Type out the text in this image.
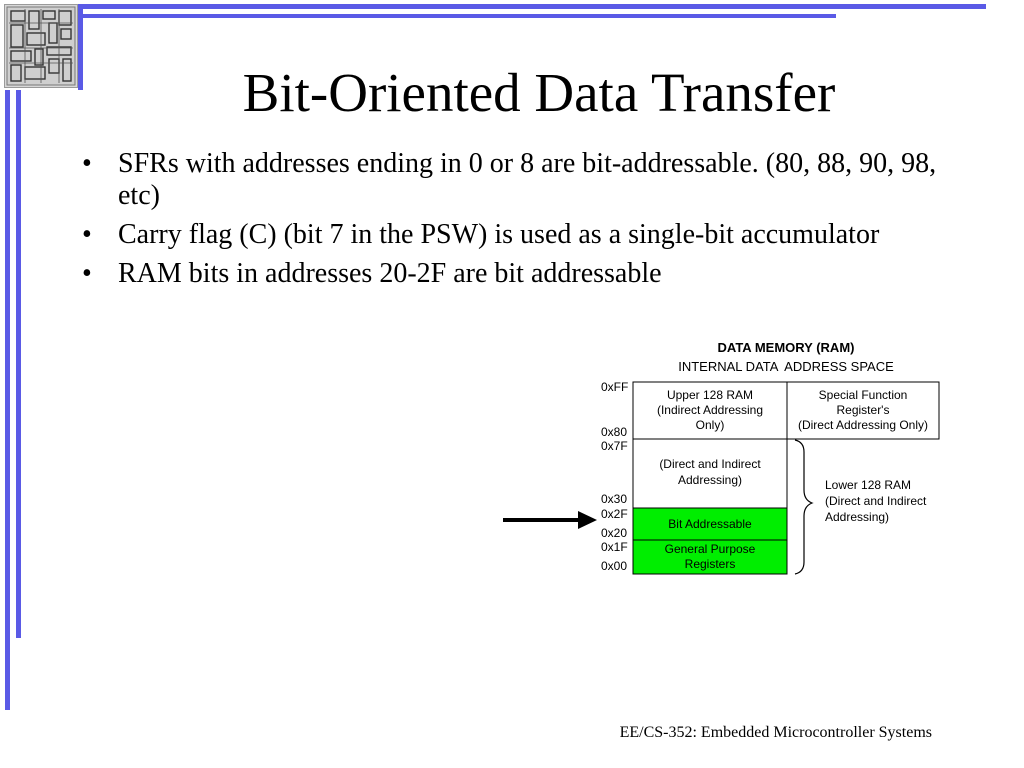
Bit-Oriented Data Transfer
• SFRs with addresses ending in 0 or 8 are bit-addressable. (80, 88, 90, 98, etc)
• Carry flag (C) (bit 7 in the PSW) is used as a single-bit accumulator
• RAM bits in addresses 20-2F are bit addressable
DATA MEMORY (RAM)
INTERNAL DATA  ADDRESS SPACE
Upper 128 RAM
(Indirect Addressing
Only)
Special Function
Register's
(Direct Addressing Only)
(Direct and Indirect
Addressing)
Bit Addressable
General Purpose
Registers
0xFF
0x80
0x7F
0x30
0x2F
0x20
0x1F
0x00
Lower 128 RAM
(Direct and Indirect
Addressing)
EE/CS-352: Embedded Microcontroller Systems
